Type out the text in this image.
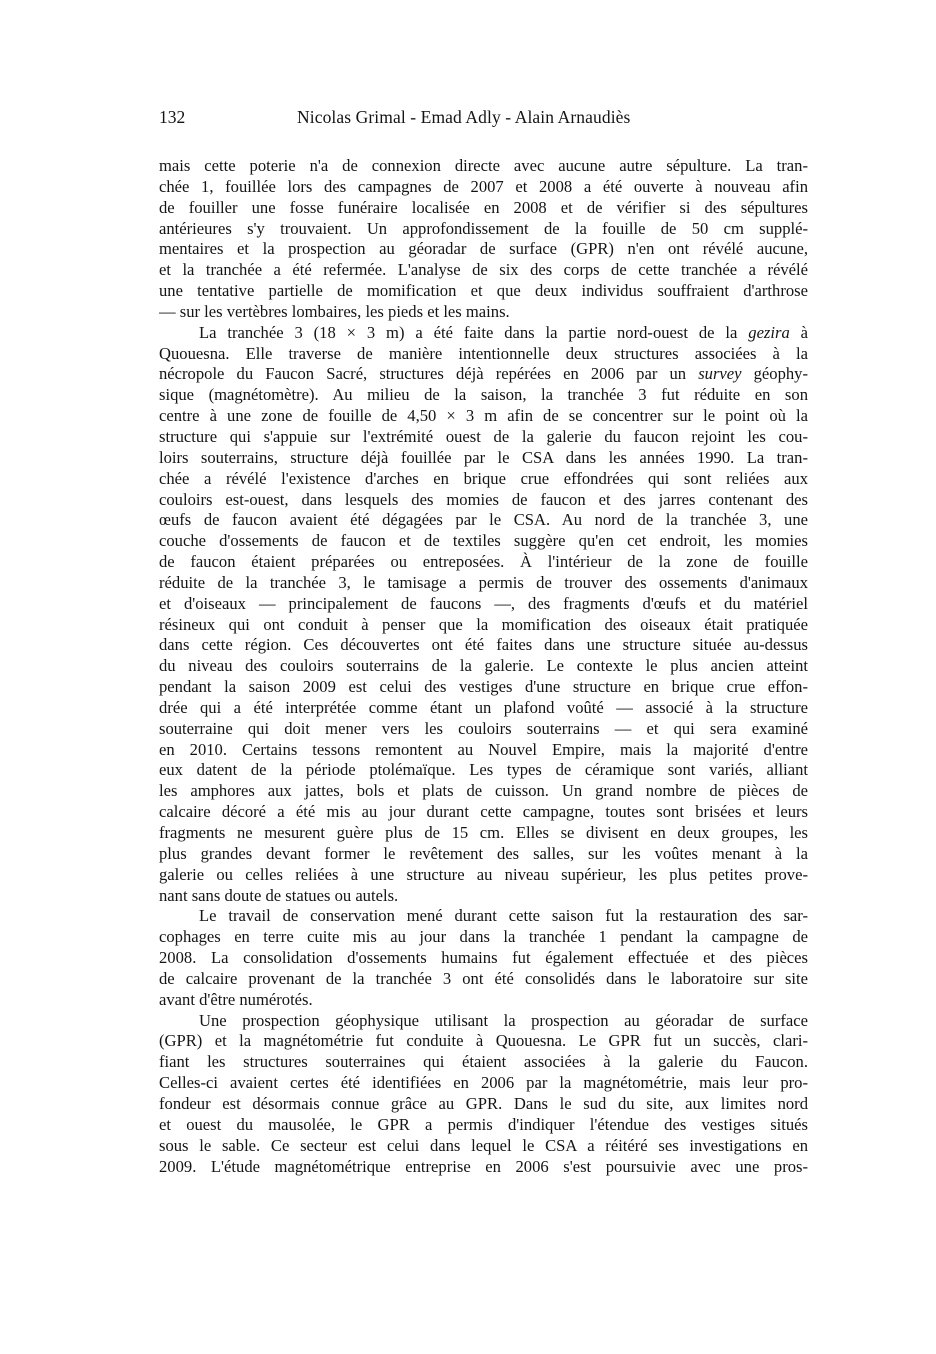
132	Nicolas Grimal - Emad Adly - Alain Arnaudiès

mais cette poterie n'a de connexion directe avec aucune autre sépulture. La tran-
chée 1, fouillée lors des campagnes de 2007 et 2008 a été ouverte à nouveau afin
de fouiller une fosse funéraire localisée en 2008 et de vérifier si des sépultures
antérieures s'y trouvaient. Un approfondissement de la fouille de 50 cm supplé-
mentaires et la prospection au géoradar de surface (GPR) n'en ont révélé aucune,
et la tranchée a été refermée. L'analyse de six des corps de cette tranchée a révélé
une tentative partielle de momification et que deux individus souffraient d'arthrose
— sur les vertèbres lombaires, les pieds et les mains.

La tranchée 3 (18 × 3 m) a été faite dans la partie nord-ouest de la gezira à
Quouesna. Elle traverse de manière intentionnelle deux structures associées à la
nécropole du Faucon Sacré, structures déjà repérées en 2006 par un survey géophy-
sique (magnétomètre). Au milieu de la saison, la tranchée 3 fut réduite en son
centre à une zone de fouille de 4,50 × 3 m afin de se concentrer sur le point où la
structure qui s'appuie sur l'extrémité ouest de la galerie du faucon rejoint les cou-
loirs souterrains, structure déjà fouillée par le CSA dans les années 1990. La tran-
chée a révélé l'existence d'arches en brique crue effondrées qui sont reliées aux
couloirs est-ouest, dans lesquels des momies de faucon et des jarres contenant des
œufs de faucon avaient été dégagées par le CSA. Au nord de la tranchée 3, une
couche d'ossements de faucon et de textiles suggère qu'en cet endroit, les momies
de faucon étaient préparées ou entreposées. À l'intérieur de la zone de fouille
réduite de la tranchée 3, le tamisage a permis de trouver des ossements d'animaux
et d'oiseaux — principalement de faucons —, des fragments d'œufs et du matériel
résineux qui ont conduit à penser que la momification des oiseaux était pratiquée
dans cette région. Ces découvertes ont été faites dans une structure située au-dessus
du niveau des couloirs souterrains de la galerie. Le contexte le plus ancien atteint
pendant la saison 2009 est celui des vestiges d'une structure en brique crue effon-
drée qui a été interprétée comme étant un plafond voûté — associé à la structure
souterraine qui doit mener vers les couloirs souterrains — et qui sera examiné
en 2010. Certains tessons remontent au Nouvel Empire, mais la majorité d'entre
eux datent de la période ptolémaïque. Les types de céramique sont variés, alliant
les amphores aux jattes, bols et plats de cuisson. Un grand nombre de pièces de
calcaire décoré a été mis au jour durant cette campagne, toutes sont brisées et leurs
fragments ne mesurent guère plus de 15 cm. Elles se divisent en deux groupes, les
plus grandes devant former le revêtement des salles, sur les voûtes menant à la
galerie ou celles reliées à une structure au niveau supérieur, les plus petites prove-
nant sans doute de statues ou autels.

Le travail de conservation mené durant cette saison fut la restauration des sar-
cophages en terre cuite mis au jour dans la tranchée 1 pendant la campagne de
2008. La consolidation d'ossements humains fut également effectuée et des pièces
de calcaire provenant de la tranchée 3 ont été consolidés dans le laboratoire sur site
avant d'être numérotés.

Une prospection géophysique utilisant la prospection au géoradar de surface
(GPR) et la magnétométrie fut conduite à Quouesna. Le GPR fut un succès, clari-
fiant les structures souterraines qui étaient associées à la galerie du Faucon.
Celles-ci avaient certes été identifiées en 2006 par la magnétométrie, mais leur pro-
fondeur est désormais connue grâce au GPR. Dans le sud du site, aux limites nord
et ouest du mausolée, le GPR a permis d'indiquer l'étendue des vestiges situés
sous le sable. Ce secteur est celui dans lequel le CSA a réitéré ses investigations en
2009. L'étude magnétométrique entreprise en 2006 s'est poursuivie avec une pros-
